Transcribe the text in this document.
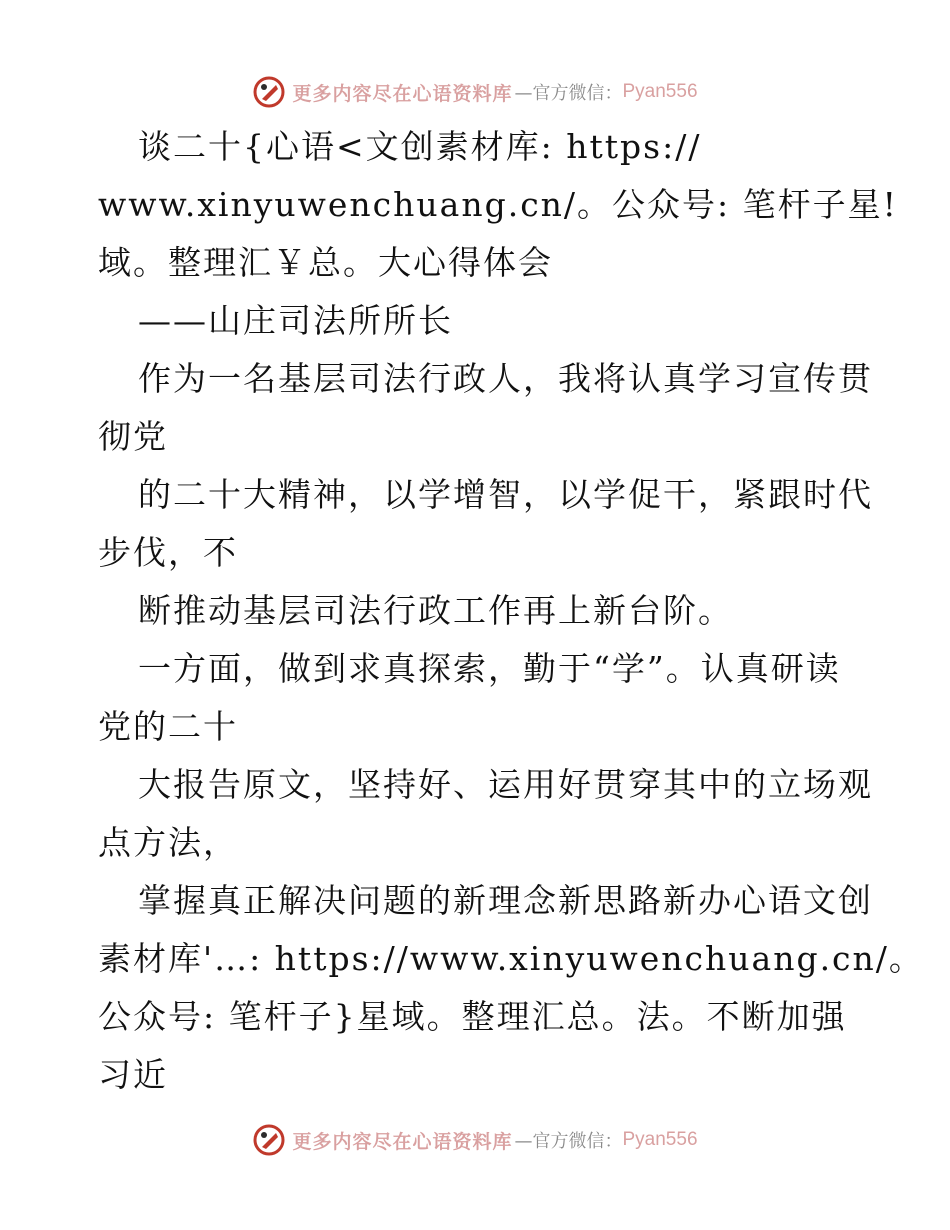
更多内容尽在心语资料库 —官方微信： Pyan556
谈二十{心语<文创素材库: https://
www.xinyuwenchuang.cn/。公众号: 笔杆子星!
域。整理汇￥总。大心得体会
——山庄司法所所长
作为一名基层司法行政人，我将认真学习宣传贯
彻党
的二十大精神，以学增智，以学促干，紧跟时代
步伐，不
断推动基层司法行政工作再上新台阶。
一方面，做到求真探索，勤于“学”。认真研读
党的二十
大报告原文，坚持好、运用好贯穿其中的立场观
点方法，
掌握真正解决问题的新理念新思路新办心语文创
素材库'…: https://www.xinyuwenchuang.cn/。
公众号: 笔杆子}星域。整理汇总。法。不断加强
习近
更多内容尽在心语资料库 —官方微信： Pyan556
